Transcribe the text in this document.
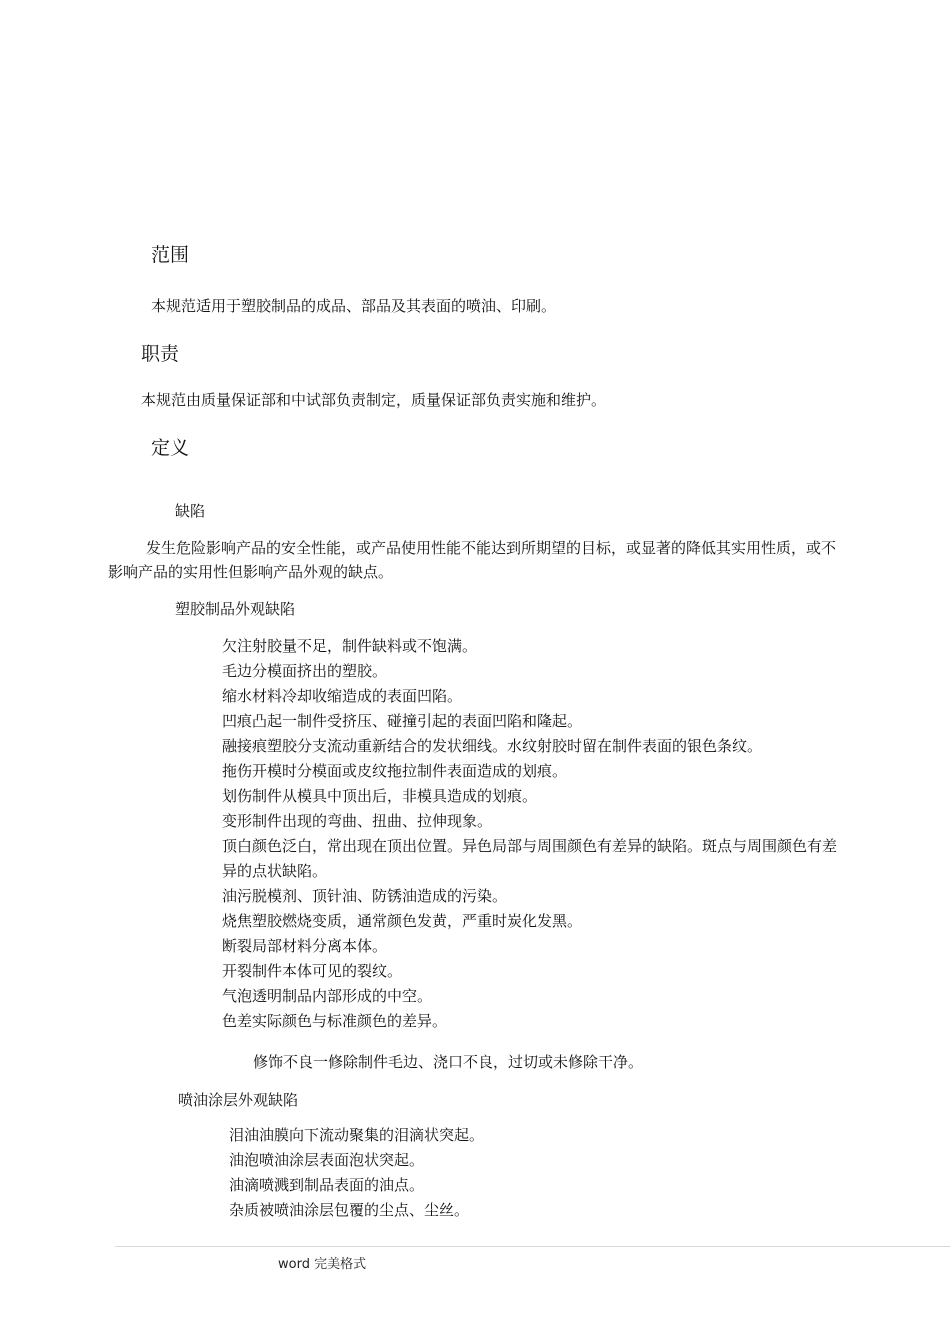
范围
本规范适用于塑胶制品的成品、部品及其表面的喷油、印刷。
职责
本规范由质量保证部和中试部负责制定，质量保证部负责实施和维护。
定义
缺陷
发生危险影响产品的安全性能，或产品使用性能不能达到所期望的目标，或显著的降低其实用性质，或不影响产品的实用性但影响产品外观的缺点。
塑胶制品外观缺陷
欠注射胶量不足，制件缺料或不饱满。
毛边分模面挤出的塑胶。
缩水材料冷却收缩造成的表面凹陷。
凹痕凸起一制件受挤压、碰撞引起的表面凹陷和隆起。
融接痕塑胶分支流动重新结合的发状细线。水纹射胶时留在制件表面的银色条纹。
拖伤开模时分模面或皮纹拖拉制件表面造成的划痕。
划伤制件从模具中顶出后，非模具造成的划痕。
变形制件出现的弯曲、扭曲、拉伸现象。
顶白颜色泛白，常出现在顶出位置。异色局部与周围颜色有差异的缺陷。斑点与周围颜色有差异的点状缺陷。
油污脱模剂、顶针油、防锈油造成的污染。
烧焦塑胶燃烧变质，通常颜色发黄，严重时炭化发黑。
断裂局部材料分离本体。
开裂制件本体可见的裂纹。
气泡透明制品内部形成的中空。
色差实际颜色与标准颜色的差异。
修饰不良一修除制件毛边、浇口不良，过切或未修除干净。
喷油涂层外观缺陷
泪油油膜向下流动聚集的泪滴状突起。
油泡喷油涂层表面泡状突起。
油滴喷溅到制品表面的油点。
杂质被喷油涂层包覆的尘点、尘丝。
word 完美格式
